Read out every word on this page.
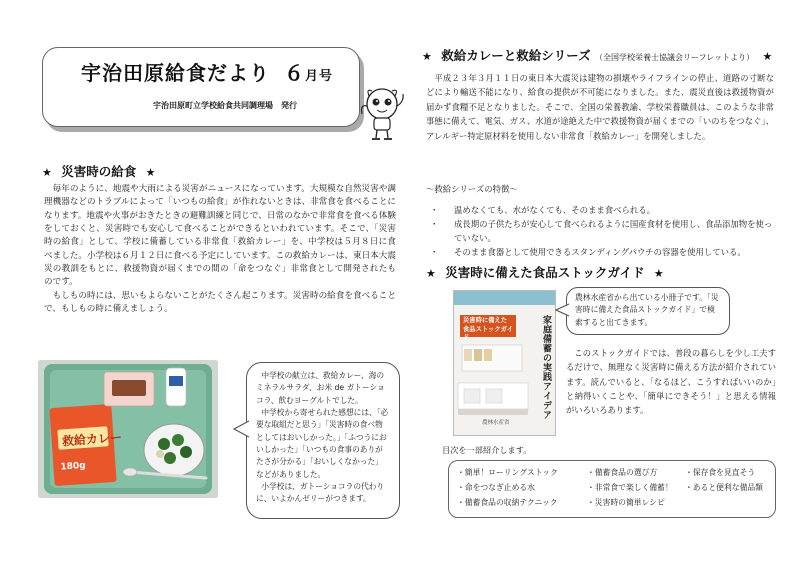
宇治田原給食だより ６月号
宇治田原町立学校給食共同調理場　発行
★ 災害時の給食 ★

毎年のように、地震や大雨による災害がニュースになっています。大規模な自然災害や調理機器などのトラブルによって「いつもの給食」が作れないときは、非常食を食べることになります。地震や火事がおきたときの避難訓練と同じで、日常のなかで非常食を食べる体験をしておくと、災害時でも安心して食べることができるといわれています。そこで、「災害時の給食」として、学校に備蓄している非常食「救給カレー」を、中学校は５月８日に食べました。小学校は６月１２日に食べる予定にしています。この救給カレーは、東日本大震災の教訓をもとに、救援物資が届くまでの間の「命をつなぐ」非常食として開発されたものです。

もしもの時には、思いもよらないことがたくさん起こります。災害時の給食を食べることで、もしもの時に備えましょう。

救給カレー
180g

中学校の献立は、救給カレー、海のミネラルサラダ、お米 de ガトーショコラ、飲むヨーグルトでした。

中学校から寄せられた感想には、「必要な取組だと思う」「災害時の食べ物としてはおいしかった。」「ふつうにおいしかった」「いつもの食事のありがたさが分かる」「おいしくなかった」などがありました。

小学校は、ガトーショコラの代わりに、いよかんゼリーがつきます。

★ 救給カレーと救給シリーズ （全国学校栄養士協議会リーフレットより） ★

平成２３年３月１１日の東日本大震災は建物の損壊やライフラインの停止、道路の寸断などにより輸送不能になり、給食の提供が不可能になりました。また、震災直後は救援物資が届かず食糧不足となりました。そこで、全国の栄養教諭、学校栄養職員は、このような非常事態に備えて、電気、ガス、水道が途絶えた中で救援物資が届くまでの「いのちをつなぐ」、アレルギー特定原材料を使用しない非常食「救給カレー」を開発しました。

～救給シリーズの特徴～

・ 温めなくても、水がなくても、そのまま食べられる。
・ 成長期の子供たちが安心して食べられるように国産食材を使用し、食品添加物を使っていない。
・ そのまま食器として使用できるスタンディングパウチの容器を使用している。
★ 災害時に備えた食品ストックガイド ★
災害時に備えた食品ストックガイド	家庭備蓄の実践アイデア
農林水産省
農林水産省から出ている小冊子です。「災害時に備えた食品ストックガイド」で検索すると出てきます。

このストックガイドでは、普段の暮らしを少し工夫するだけで、無理なく災害時に備える方法が紹介されています。読んでいると、「なるほど、こうすればいいのか」と納得いくことや、「簡単にできそう！」と思える情報がいろいろあります。

目次を一部紹介します。

・簡単！ローリングストック	・備蓄食品の選び方	・保存食を見直そう
・命をつなぎ止める水	・非常食で楽しく備蓄！	・あると便利な備品類
・備蓄食品の収納テクニック	・災害時の簡単レシピ
